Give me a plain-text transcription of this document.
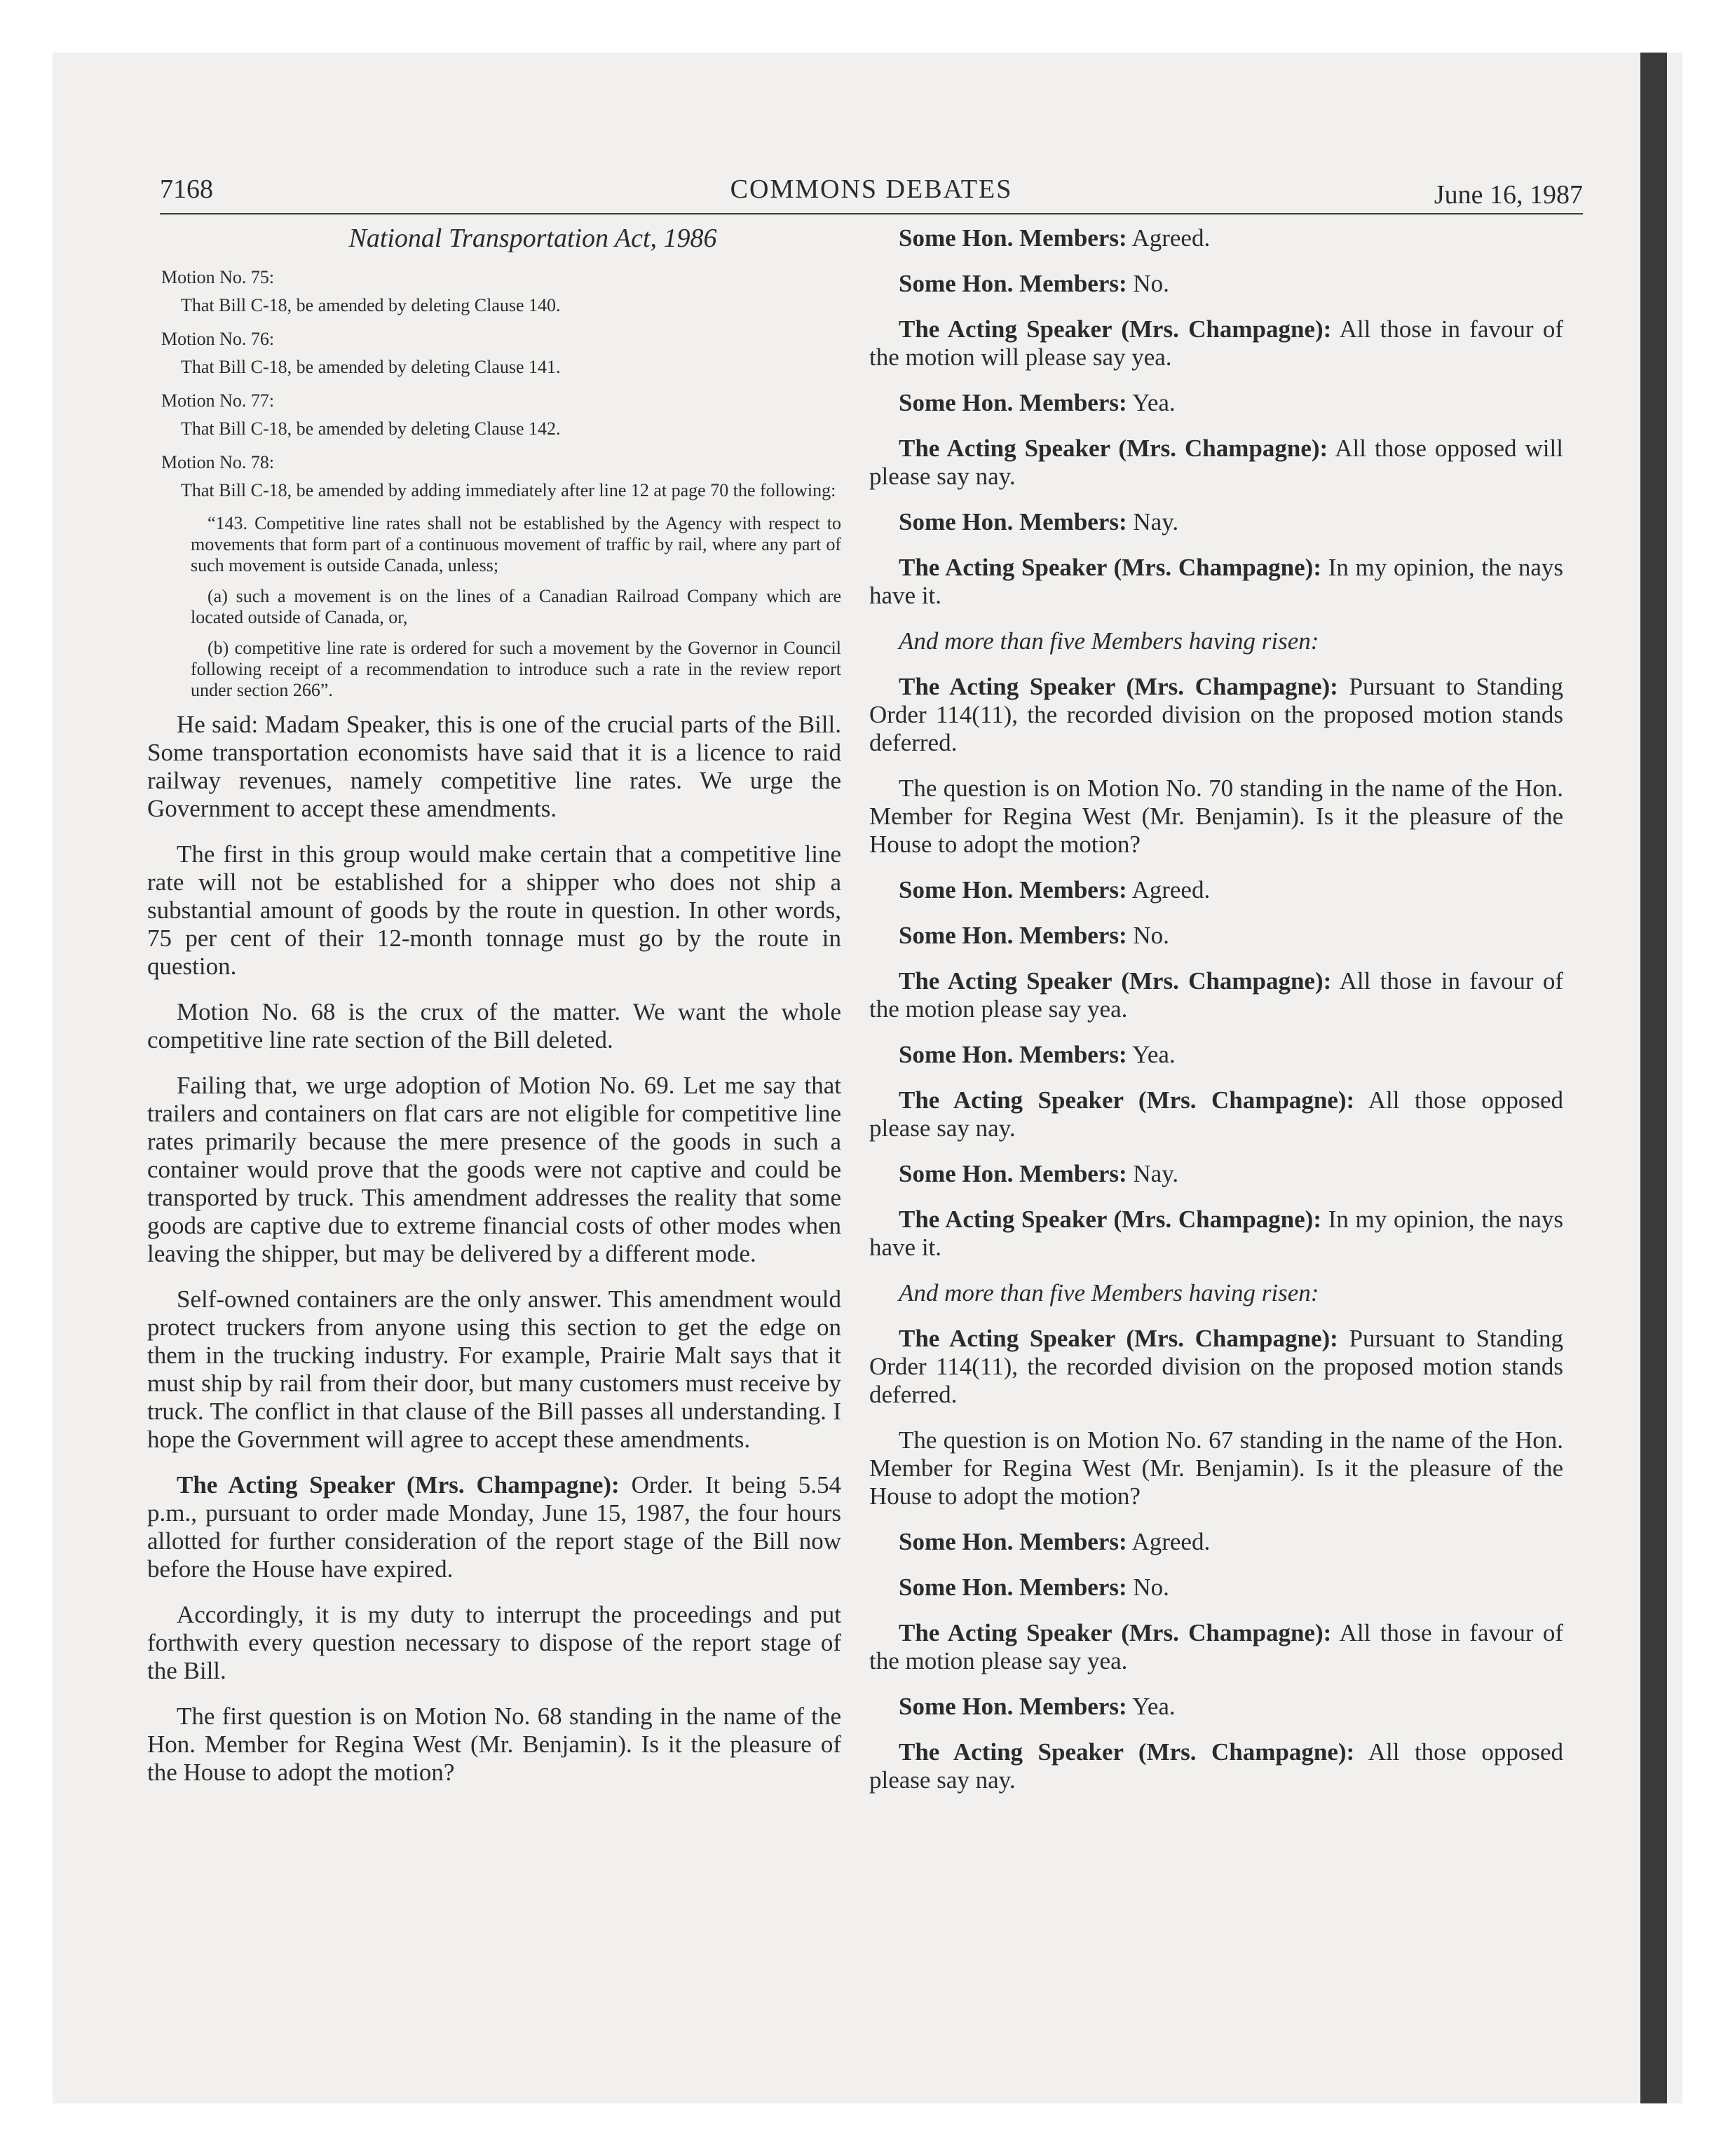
7168	COMMONS DEBATES	June 16, 1987
National Transportation Act, 1986
Motion No. 75:
That Bill C-18, be amended by deleting Clause 140.
Motion No. 76:
That Bill C-18, be amended by deleting Clause 141.
Motion No. 77:
That Bill C-18, be amended by deleting Clause 142.
Motion No. 78:
That Bill C-18, be amended by adding immediately after line 12 at page 70 the following:
“143. Competitive line rates shall not be established by the Agency with respect to movements that form part of a continuous movement of traffic by rail, where any part of such movement is outside Canada, unless;
(a) such a movement is on the lines of a Canadian Railroad Company which are located outside of Canada, or,
(b) competitive line rate is ordered for such a movement by the Governor in Council following receipt of a recommendation to introduce such a rate in the review report under section 266”.

He said: Madam Speaker, this is one of the crucial parts of the Bill. Some transportation economists have said that it is a licence to raid railway revenues, namely competitive line rates. We urge the Government to accept these amendments.

The first in this group would make certain that a competitive line rate will not be established for a shipper who does not ship a substantial amount of goods by the route in question. In other words, 75 per cent of their 12-month tonnage must go by the route in question.

Motion No. 68 is the crux of the matter. We want the whole competitive line rate section of the Bill deleted.

Failing that, we urge adoption of Motion No. 69. Let me say that trailers and containers on flat cars are not eligible for competitive line rates primarily because the mere presence of the goods in such a container would prove that the goods were not captive and could be transported by truck. This amendment addresses the reality that some goods are captive due to extreme financial costs of other modes when leaving the shipper, but may be delivered by a different mode.

Self-owned containers are the only answer. This amendment would protect truckers from anyone using this section to get the edge on them in the trucking industry. For example, Prairie Malt says that it must ship by rail from their door, but many customers must receive by truck. The conflict in that clause of the Bill passes all understanding. I hope the Government will agree to accept these amendments.

The Acting Speaker (Mrs. Champagne): Order. It being 5.54 p.m., pursuant to order made Monday, June 15, 1987, the four hours allotted for further consideration of the report stage of the Bill now before the House have expired.

Accordingly, it is my duty to interrupt the proceedings and put forthwith every question necessary to dispose of the report stage of the Bill.

The first question is on Motion No. 68 standing in the name of the Hon. Member for Regina West (Mr. Benjamin). Is it the pleasure of the House to adopt the motion?

Some Hon. Members: Agreed.

Some Hon. Members: No.

The Acting Speaker (Mrs. Champagne): All those in favour of the motion will please say yea.

Some Hon. Members: Yea.

The Acting Speaker (Mrs. Champagne): All those opposed will please say nay.

Some Hon. Members: Nay.

The Acting Speaker (Mrs. Champagne): In my opinion, the nays have it.

And more than five Members having risen:

The Acting Speaker (Mrs. Champagne): Pursuant to Standing Order 114(11), the recorded division on the proposed motion stands deferred.

The question is on Motion No. 70 standing in the name of the Hon. Member for Regina West (Mr. Benjamin). Is it the pleasure of the House to adopt the motion?

Some Hon. Members: Agreed.

Some Hon. Members: No.

The Acting Speaker (Mrs. Champagne): All those in favour of the motion please say yea.

Some Hon. Members: Yea.

The Acting Speaker (Mrs. Champagne): All those opposed please say nay.

Some Hon. Members: Nay.

The Acting Speaker (Mrs. Champagne): In my opinion, the nays have it.

And more than five Members having risen:

The Acting Speaker (Mrs. Champagne): Pursuant to Standing Order 114(11), the recorded division on the proposed motion stands deferred.

The question is on Motion No. 67 standing in the name of the Hon. Member for Regina West (Mr. Benjamin). Is it the pleasure of the House to adopt the motion?

Some Hon. Members: Agreed.

Some Hon. Members: No.

The Acting Speaker (Mrs. Champagne): All those in favour of the motion please say yea.

Some Hon. Members: Yea.

The Acting Speaker (Mrs. Champagne): All those opposed please say nay.
